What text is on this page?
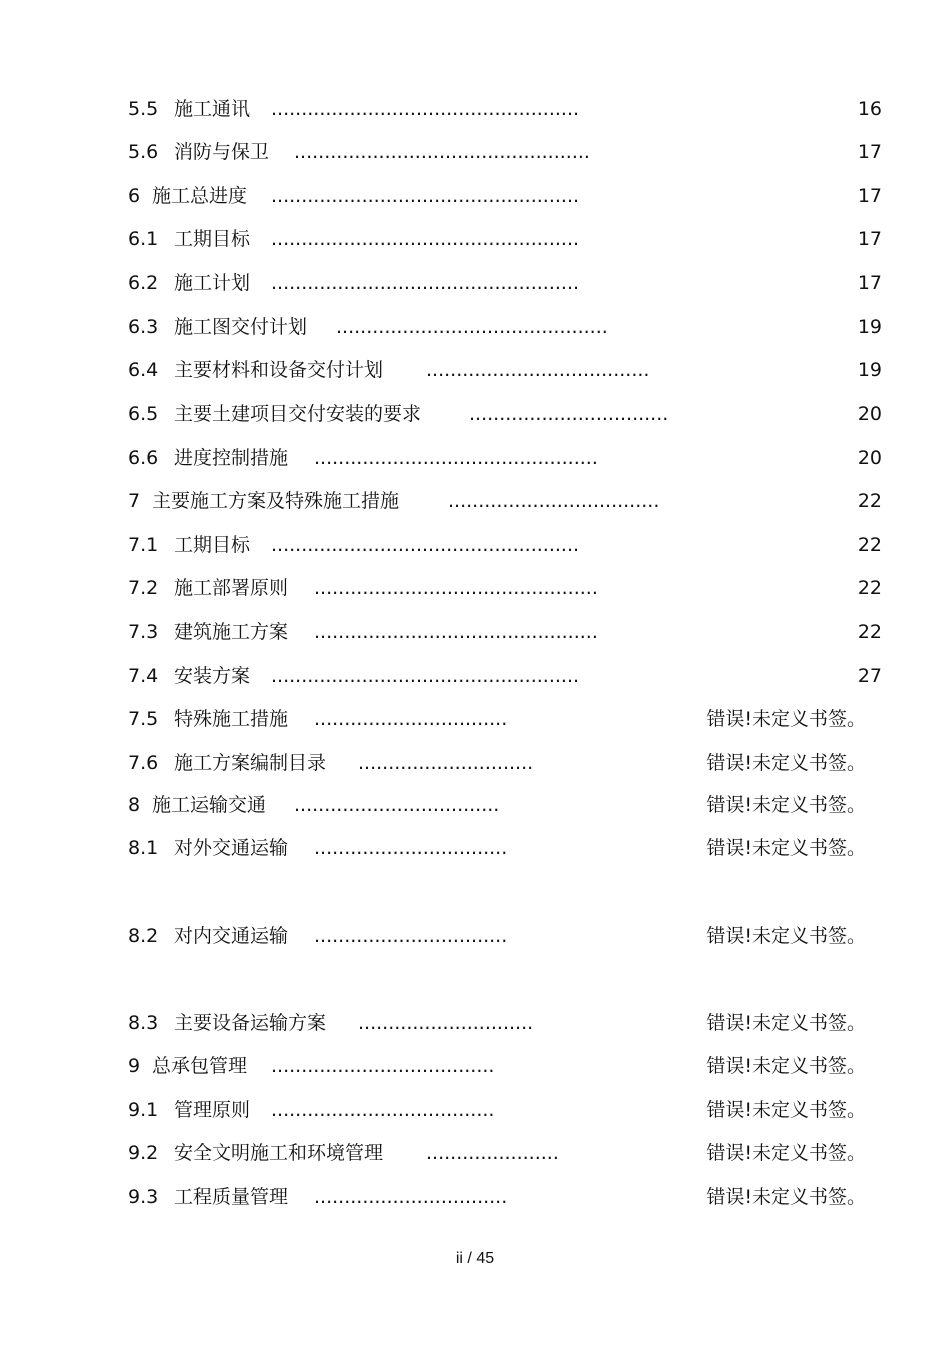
5.5 施工通讯 ...................................................	16
5.6 消防与保卫 .................................................	17
6 施工总进度 ...................................................	17
6.1 工期目标 ...................................................	17
6.2 施工计划 ...................................................	17
6.3 施工图交付计划 .............................................	19
6.4 主要材料和设备交付计划 .....................................	19
6.5 主要土建项目交付安装的要求	.................................	20
6.6 进度控制措施 ...............................................	20
7 主要施工方案及特殊施工措施	...................................	22
7.1 工期目标 ...................................................	22
7.2 施工部署原则 ...............................................	22
7.3 建筑施工方案 ...............................................	22
7.4 安装方案 ...................................................	27
7.5 特殊施工措施 ................................	错误!未定义书签。
7.6 施工方案编制目录 .............................	错误!未定义书签。
8 施工运输交通 ..................................	错误!未定义书签。
8.1 对外交通运输 ................................	错误!未定义书签。
8.2 对内交通运输 ................................	错误!未定义书签。
8.3 主要设备运输方案 .............................	错误!未定义书签。
9 总承包管理 .....................................	错误!未定义书签。
9.1 管理原则 .....................................	错误!未定义书签。
9.2 安全文明施工和环境管理 ......................	错误!未定义书签。
9.3 工程质量管理 ................................	错误!未定义书签。
ii / 45
